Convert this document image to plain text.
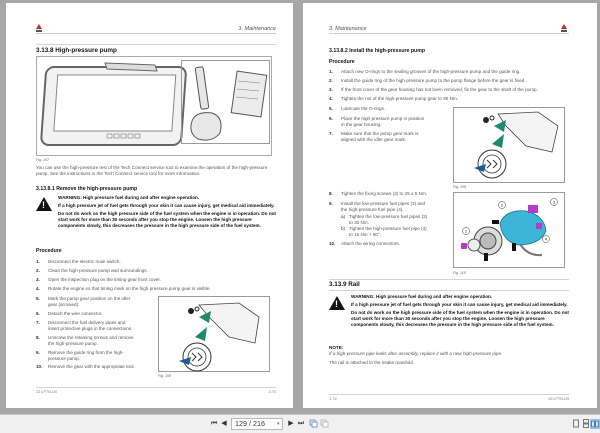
3. Maintenance
3.13.8 High-pressure pump
Fig. 107
You can use the high-pressure test of the Tech Connect service tool to examine the operation of the high-pressure pump. See the instructions in the Tech Connect service tool for more information.
3.13.8.1 Remove the high-pressure pump
!
WARNING: High pressure fuel during and after engine operation.
If a high pressure jet of fuel gets through your skin it can cause injury, get medical aid immediately.
Do not do work on the high pressure side of the fuel system when the engine is in operation. Do not start work for more than 30 seconds after you stop the engine. Loosen the high pressure components slowly, this decreases the pressure in the high pressure side of the fuel system.
Procedure
1. Disconnect the electric main switch.
2. Clean the high-pressure pump and surroundings.
3. Open the inspection plug on the timing gear front cover.
4. Rotate the engine so that timing mark on the high pressure pump gear is visible.
5. Mark the pump gear position on the idler gear (arrowed).
6. Detach the wire connector.
7. Disconnect the fuel delivery pipes and insert protective plugs in the connections.
8. Unscrew the retaining screws and remove the high-pressure pump.
9. Remove the guide ring from the high-pressure pump.
10. Remove the gear with the appropriate tool.
Fig. 108
33 LFTN-D5	3-73
3. Maintenance
3.13.8.2 Install the high-pressure pump
Procedure
1. Attach new O-rings to the sealing grooves of the high-pressure pump and the guide ring.
2. Install the guide ring of the high-pressure pump to the pump flange before the gear is fixed.
3. If the front cover of the gear housing has not been removed, fix the gear to the shaft of the pump.
4. Tighten the nut of the high-pressure pump gear to 80 Nm.
5. Lubricate the O-rings.
6. Place the high-pressure pump in position in the gear housing.
7. Make sure that the pump gear mark is aligned with the idler gear mark.
8. Tighten the fixing screws (2) to 25 ± 5 Nm.
9. Install the low-pressure fuel pipes (3) and the high-pressure fuel pipe (4).
a) Tighten the low-pressure fuel pipes (3) to 30 Nm.
b) Tighten the high-pressure fuel pipe (4) to 15 Nm + 60°.
10. Attach the wiring connectors.
Fig. 109
1
2
3
4
Fig. 110
3.13.9 Rail
!
WARNING: High pressure fuel during and after engine operation.
If a high pressure jet of fuel gets through your skin it can cause injury, get medical aid immediately.
Do not do work on the high pressure side of the fuel system when the engine is in operation. Do not start work for more than 30 seconds after you stop the engine. Loosen the high pressure components slowly, this decreases the pressure in the high pressure side of the fuel system.
NOTE:
If a high-pressure pipe leaks after assembly, replace it with a new high-pressure pipe.
The rail is attached to the intake manifold.
3-74	33 LFTN-D5
⏮ ◀	129 / 216	▾	▶ ⏭
